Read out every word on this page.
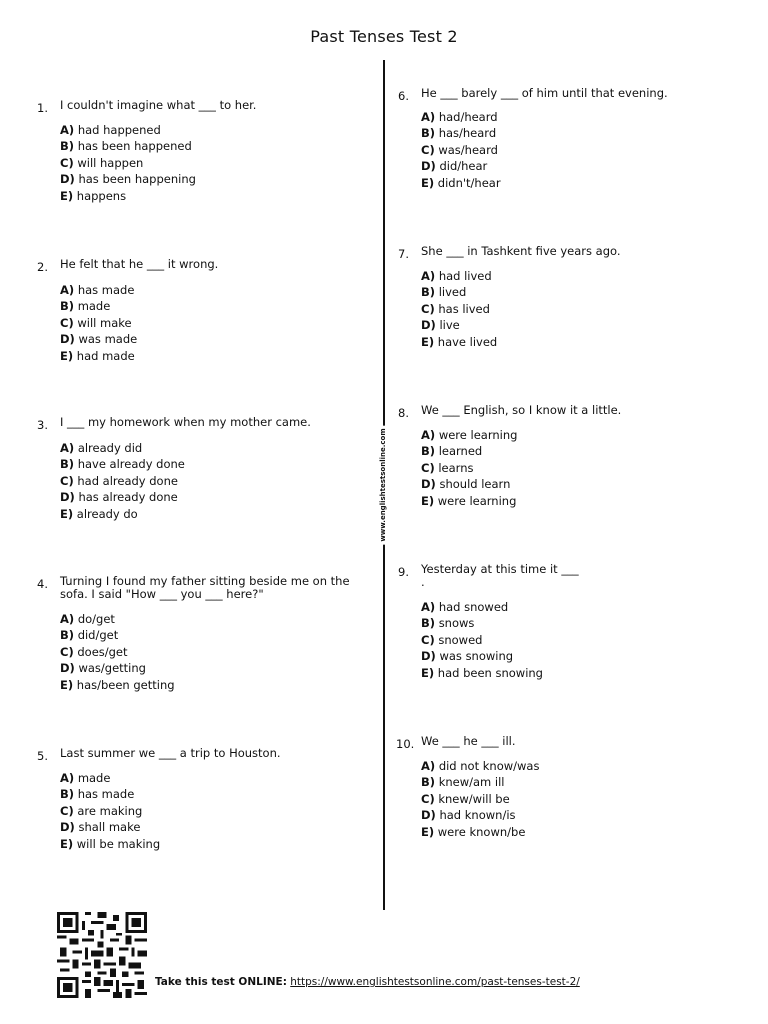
Past Tenses Test 2
www.englishtestsonline.com
1.	I couldn't imagine what ___ to her.
A) had happened
B) has been happened
C) will happen
D) has been happening
E) happens
2.	He felt that he ___ it wrong.
A) has made
B) made
C) will make
D) was made
E) had made
3.	I ___ my homework when my mother came.
A) already did
B) have already done
C) had already done
D) has already done
E) already do
4.	Turning I found my father sitting beside me on the sofa. I said "How ___ you ___ here?"
A) do/get
B) did/get
C) does/get
D) was/getting
E) has/been getting
5.	Last summer we ___ a trip to Houston.
A) made
B) has made
C) are making
D) shall make
E) will be making
6.	He ___ barely ___ of him until that evening.
A) had/heard
B) has/heard
C) was/heard
D) did/hear
E) didn't/hear
7.	She ___ in Tashkent five years ago.
A) had lived
B) lived
C) has lived
D) live
E) have lived
8.	We ___ English, so I know it a little.
A) were learning
B) learned
C) learns
D) should learn
E) were learning
9.	Yesterday at this time it ___ .
A) had snowed
B) snows
C) snowed
D) was snowing
E) had been snowing
10. We ___ he ___ ill.
A) did not know/was
B) knew/am ill
C) knew/will be
D) had known/is
E) were known/be
Take this test ONLINE: https://www.englishtestsonline.com/past-tenses-test-2/
